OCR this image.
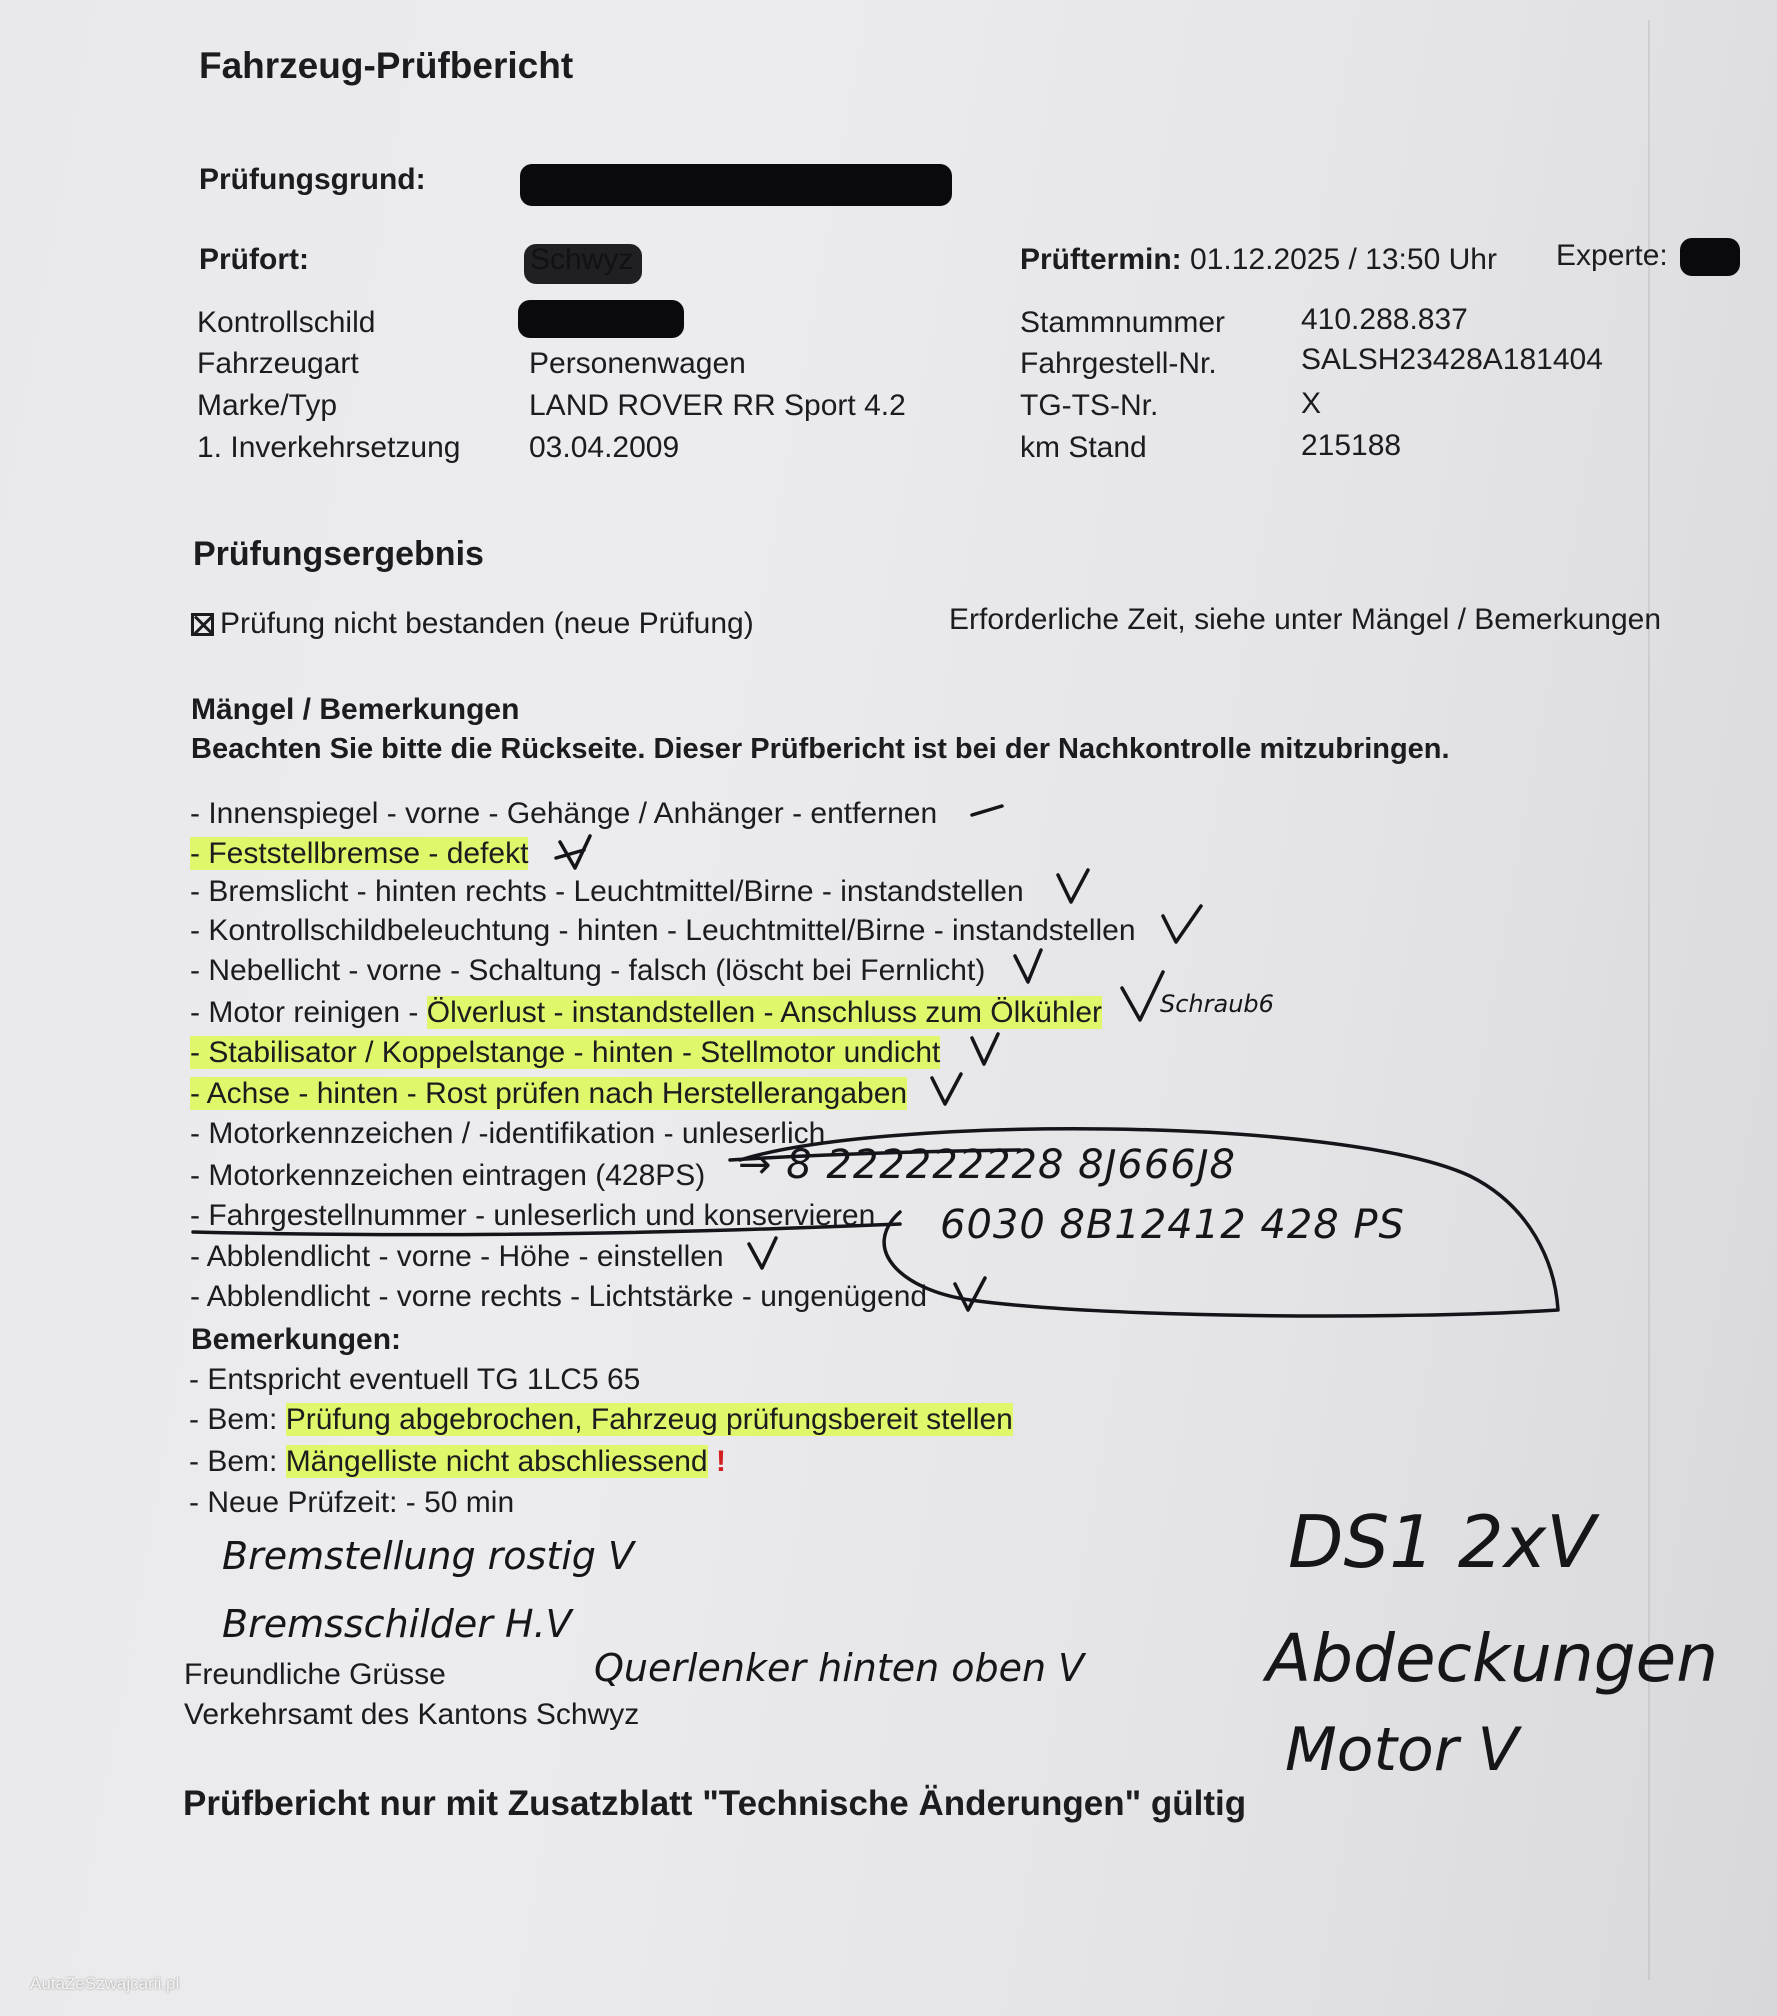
Fahrzeug-Prüfbericht
Prüfungsgrund:
Prüfort:	Prüftermin: 01.12.2025 / 13:50 Uhr Experte:
Kontrollschild
Fahrzeugart	Personenwagen
Marke/Typ	LAND ROVER RR Sport 4.2
1. Inverkehrsetzung 03.04.2009
Stammnummer	410.288.837
Fahrgestell-Nr.	SALSH23428A181404
TG-TS-Nr.	X
km Stand	215188
Prüfungsergebnis
Prüfung nicht bestanden (neue Prüfung)	Erforderliche Zeit, siehe unter Mängel / Bemerkungen
Mängel / Bemerkungen
Beachten Sie bitte die Rückseite. Dieser Prüfbericht ist bei der Nachkontrolle mitzubringen.
- Innenspiegel - vorne - Gehänge / Anhänger - entfernen
- Feststellbremse - defekt
- Bremslicht - hinten rechts - Leuchtmittel/Birne - instandstellen
- Kontrollschildbeleuchtung - hinten - Leuchtmittel/Birne - instandstellen
- Nebellicht - vorne - Schaltung - falsch (löscht bei Fernlicht)
- Motor reinigen - Ölverlust - instandstellen - Anschluss zum Ölkühler
- Stabilisator / Koppelstange - hinten - Stellmotor undicht
- Achse - hinten - Rost prüfen nach Herstellerangaben
- Motorkennzeichen / -identifikation - unleserlich
- Motorkennzeichen eintragen (428PS)
- Fahrgestellnummer - unleserlich und konservieren
- Abblendlicht - vorne - Höhe - einstellen
- Abblendlicht - vorne rechts - Lichtstärke - ungenügend
Bemerkungen:
- Entspricht eventuell TG 1LC5 65
- Bem: Prüfung abgebrochen, Fahrzeug prüfungsbereit stellen
- Bem: Mängelliste nicht abschliessend !
- Neue Prüfzeit: - 50 min
Freundliche Grüsse
Verkehrsamt des Kantons Schwyz
Prüfbericht nur mit Zusatzblatt "Technische Änderungen" gültig
Schraub6
→ 8 222222228 8J666J8
6030 8B12412 428 PS
Bremstellung rostig V
Bremsschilder H.V
Querlenker hinten oben V
DS1 2xV
Abdeckungen
Motor V
AutaZeSzwajcarii.pl
